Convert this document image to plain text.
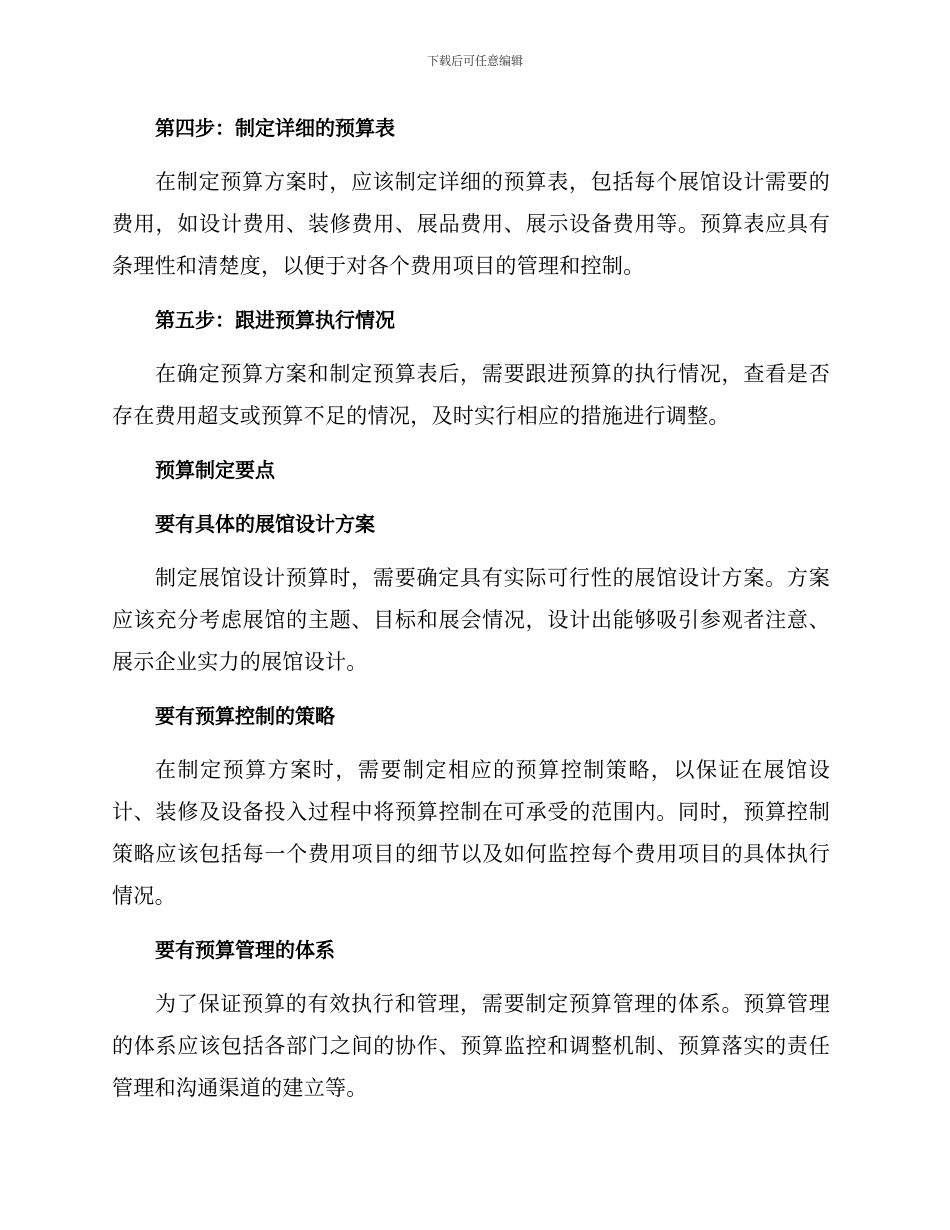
下载后可任意编辑

第四步：制定详细的预算表

在制定预算方案时，应该制定详细的预算表，包括每个展馆设计需要的费用，如设计费用、装修费用、展品费用、展示设备费用等。预算表应具有条理性和清楚度，以便于对各个费用项目的管理和控制。

第五步：跟进预算执行情况

在确定预算方案和制定预算表后，需要跟进预算的执行情况，查看是否存在费用超支或预算不足的情况，及时实行相应的措施进行调整。

预算制定要点

要有具体的展馆设计方案

制定展馆设计预算时，需要确定具有实际可行性的展馆设计方案。方案应该充分考虑展馆的主题、目标和展会情况，设计出能够吸引参观者注意、展示企业实力的展馆设计。

要有预算控制的策略

在制定预算方案时，需要制定相应的预算控制策略，以保证在展馆设计、装修及设备投入过程中将预算控制在可承受的范围内。同时，预算控制策略应该包括每一个费用项目的细节以及如何监控每个费用项目的具体执行情况。

要有预算管理的体系

为了保证预算的有效执行和管理，需要制定预算管理的体系。预算管理的体系应该包括各部门之间的协作、预算监控和调整机制、预算落实的责任管理和沟通渠道的建立等。
